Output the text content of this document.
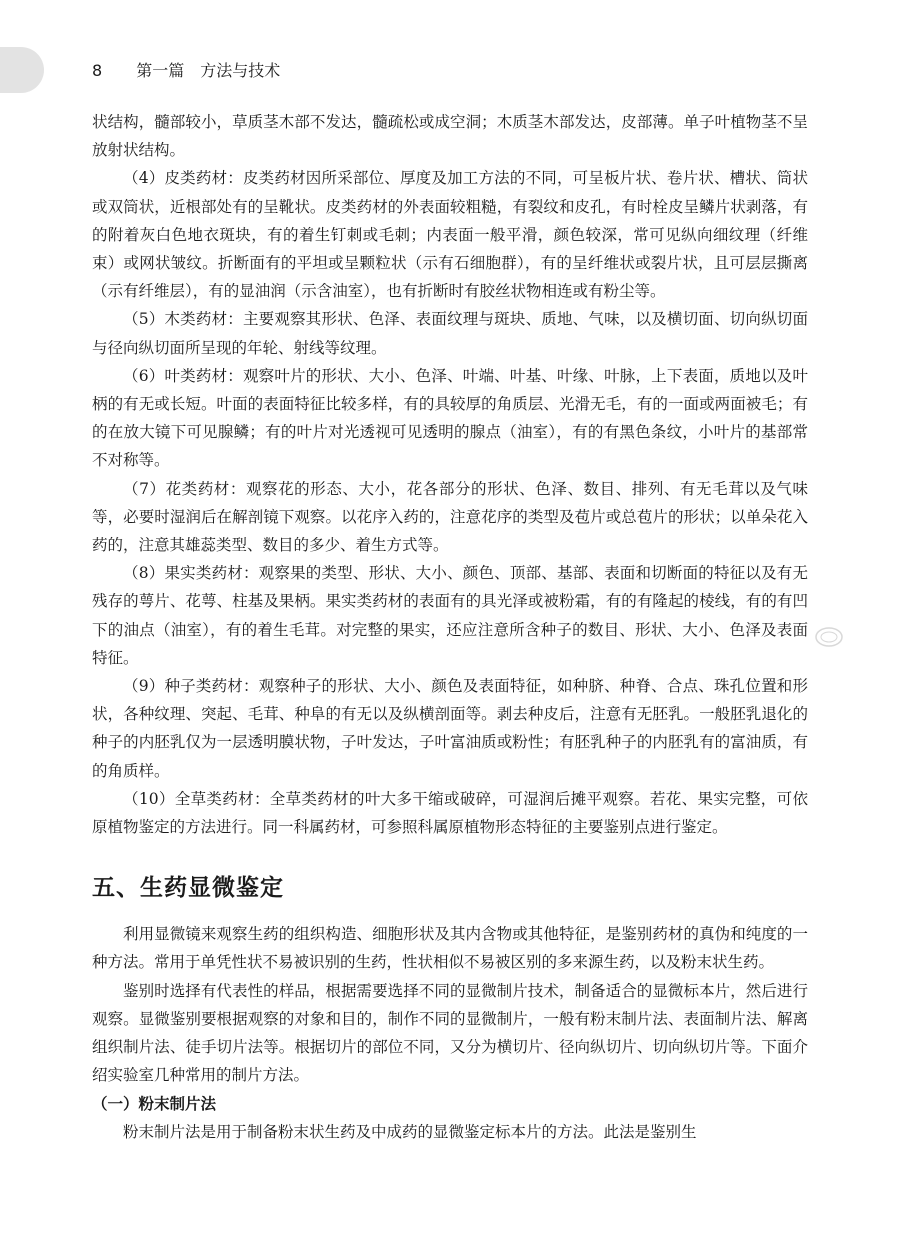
8 第一篇　方法与技术

状结构，髓部较小，草质茎木部不发达，髓疏松或成空洞；木质茎木部发达，皮部薄。单子叶植物茎不呈放射状结构。

（4）皮类药材：皮类药材因所采部位、厚度及加工方法的不同，可呈板片状、卷片状、槽状、筒状或双筒状，近根部处有的呈靴状。皮类药材的外表面较粗糙，有裂纹和皮孔，有时栓皮呈鳞片状剥落，有的附着灰白色地衣斑块，有的着生钉刺或毛刺；内表面一般平滑，颜色较深，常可见纵向细纹理（纤维束）或网状皱纹。折断面有的平坦或呈颗粒状（示有石细胞群），有的呈纤维状或裂片状，且可层层撕离（示有纤维层），有的显油润（示含油室），也有折断时有胶丝状物相连或有粉尘等。

（5）木类药材：主要观察其形状、色泽、表面纹理与斑块、质地、气味，以及横切面、切向纵切面与径向纵切面所呈现的年轮、射线等纹理。

（6）叶类药材：观察叶片的形状、大小、色泽、叶端、叶基、叶缘、叶脉，上下表面，质地以及叶柄的有无或长短。叶面的表面特征比较多样，有的具较厚的角质层、光滑无毛，有的一面或两面被毛；有的在放大镜下可见腺鳞；有的叶片对光透视可见透明的腺点（油室），有的有黑色条纹，小叶片的基部常不对称等。

（7）花类药材：观察花的形态、大小，花各部分的形状、色泽、数目、排列、有无毛茸以及气味等，必要时湿润后在解剖镜下观察。以花序入药的，注意花序的类型及苞片或总苞片的形状；以单朵花入药的，注意其雄蕊类型、数目的多少、着生方式等。

（8）果实类药材：观察果的类型、形状、大小、颜色、顶部、基部、表面和切断面的特征以及有无残存的萼片、花萼、柱基及果柄。果实类药材的表面有的具光泽或被粉霜，有的有隆起的棱线，有的有凹下的油点（油室），有的着生毛茸。对完整的果实，还应注意所含种子的数目、形状、大小、色泽及表面特征。

（9）种子类药材：观察种子的形状、大小、颜色及表面特征，如种脐、种脊、合点、珠孔位置和形状，各种纹理、突起、毛茸、种阜的有无以及纵横剖面等。剥去种皮后，注意有无胚乳。一般胚乳退化的种子的内胚乳仅为一层透明膜状物，子叶发达，子叶富油质或粉性；有胚乳种子的内胚乳有的富油质，有的角质样。

（10）全草类药材：全草类药材的叶大多干缩或破碎，可湿润后摊平观察。若花、果实完整，可依原植物鉴定的方法进行。同一科属药材，可参照科属原植物形态特征的主要鉴别点进行鉴定。

五、生药显微鉴定

利用显微镜来观察生药的组织构造、细胞形状及其内含物或其他特征，是鉴别药材的真伪和纯度的一种方法。常用于单凭性状不易被识别的生药，性状相似不易被区别的多来源生药，以及粉末状生药。

鉴别时选择有代表性的样品，根据需要选择不同的显微制片技术，制备适合的显微标本片，然后进行观察。显微鉴别要根据观察的对象和目的，制作不同的显微制片，一般有粉末制片法、表面制片法、解离组织制片法、徒手切片法等。根据切片的部位不同，又分为横切片、径向纵切片、切向纵切片等。下面介绍实验室几种常用的制片方法。

（一）粉末制片法

粉末制片法是用于制备粉末状生药及中成药的显微鉴定标本片的方法。此法是鉴别生
